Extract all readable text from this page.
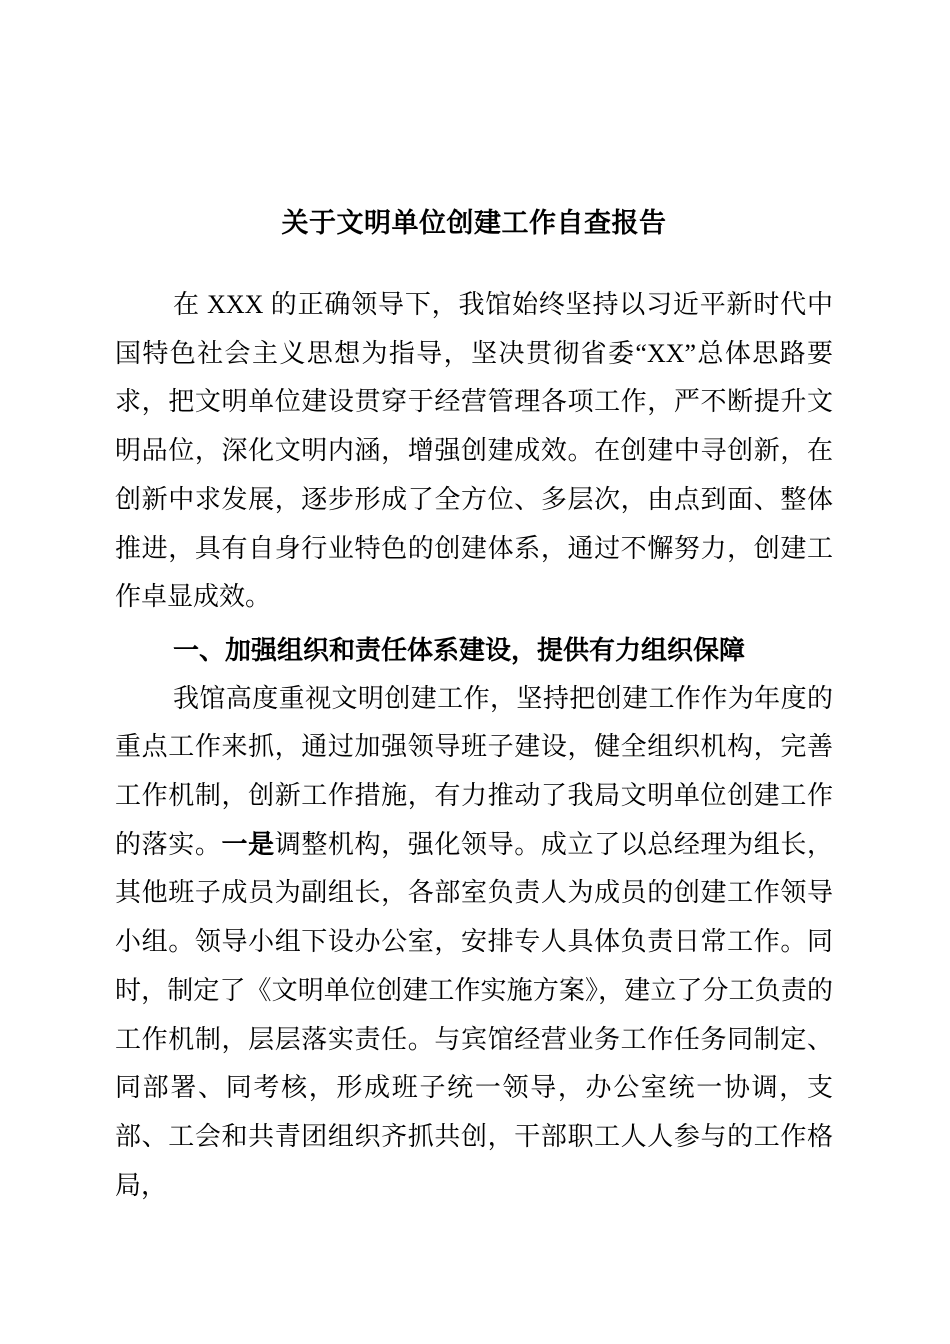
关于文明单位创建工作自查报告

在 XXX 的正确领导下，我馆始终坚持以习近平新时代中国特色社会主义思想为指导，坚决贯彻省委“XX”总体思路要求，把文明单位建设贯穿于经营管理各项工作，严不断提升文明品位，深化文明内涵，增强创建成效。在创建中寻创新，在创新中求发展，逐步形成了全方位、多层次，由点到面、整体推进，具有自身行业特色的创建体系，通过不懈努力，创建工作卓显成效。

一、加强组织和责任体系建设，提供有力组织保障

我馆高度重视文明创建工作，坚持把创建工作作为年度的重点工作来抓，通过加强领导班子建设，健全组织机构，完善工作机制，创新工作措施，有力推动了我局文明单位创建工作的落实。一是调整机构，强化领导。成立了以总经理为组长，其他班子成员为副组长，各部室负责人为成员的创建工作领导小组。领导小组下设办公室，安排专人具体负责日常工作。同时，制定了《文明单位创建工作实施方案》，建立了分工负责的工作机制，层层落实责任。与宾馆经营业务工作任务同制定、同部署、同考核，形成班子统一领导，办公室统一协调，支部、工会和共青团组织齐抓共创，干部职工人人参与的工作格局，
